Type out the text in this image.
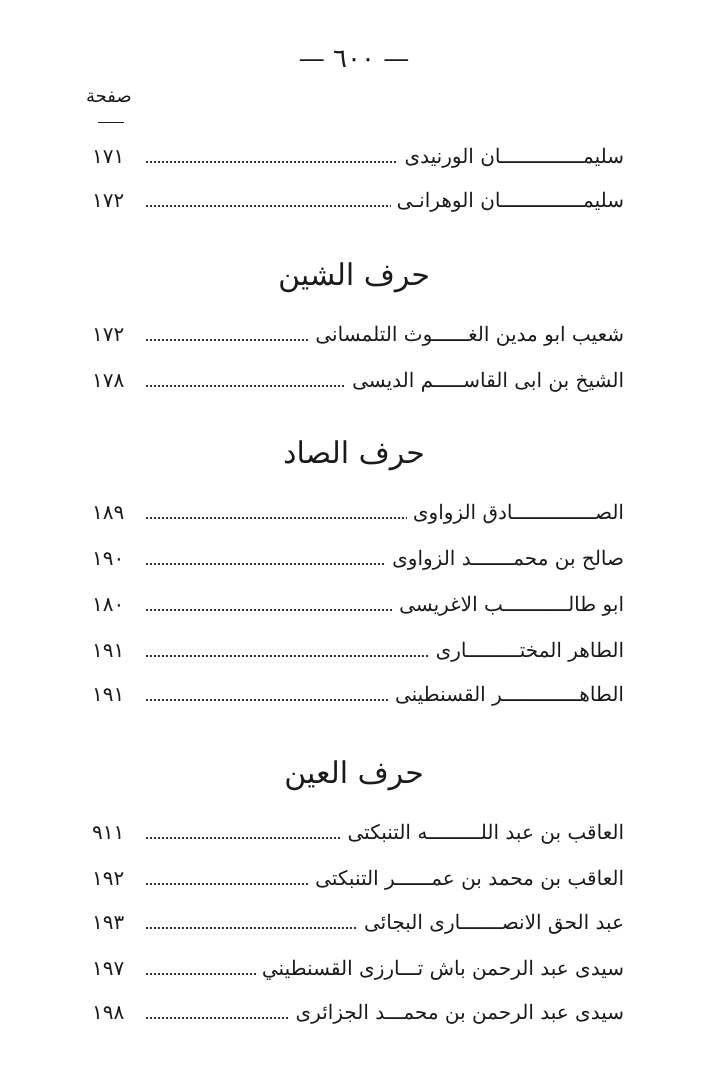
— ٦٠٠ —
صفحة
سليمــــــــــــــان الورنيدى
١٧١
سليمــــــــــــــان الوهرانـى
١٧٢
حرف الشين
شعيب ابو مدين الغــــــوث التلمسانى
١٧٢
الشيخ بن ابى القاســـــم الديسى
١٧٨
حرف الصاد
الصــــــــــــــادق الزواوى
١٨٩
صالح بن محمـــــــد الزواوى
١٩٠
ابو طالـــــــــــب الاغريسى
١٨٠
الطاهر المختـــــــــارى
١٩١
الطاهـــــــــــــر القسنطينى
١٩١
حرف العين
العاقب بن عبد اللـــــــــه التنبكتى
٩١١
العاقب بن محمد بن عمــــــر التنبكتى
١٩٢
عبد الحق الانصـــــــارى البجائى
١٩٣
سيدى عبد الرحمن باش تـــارزى القسنطيني
١٩٧
سيدى عبد الرحمن بن محمـــد الجزائرى
١٩٨
